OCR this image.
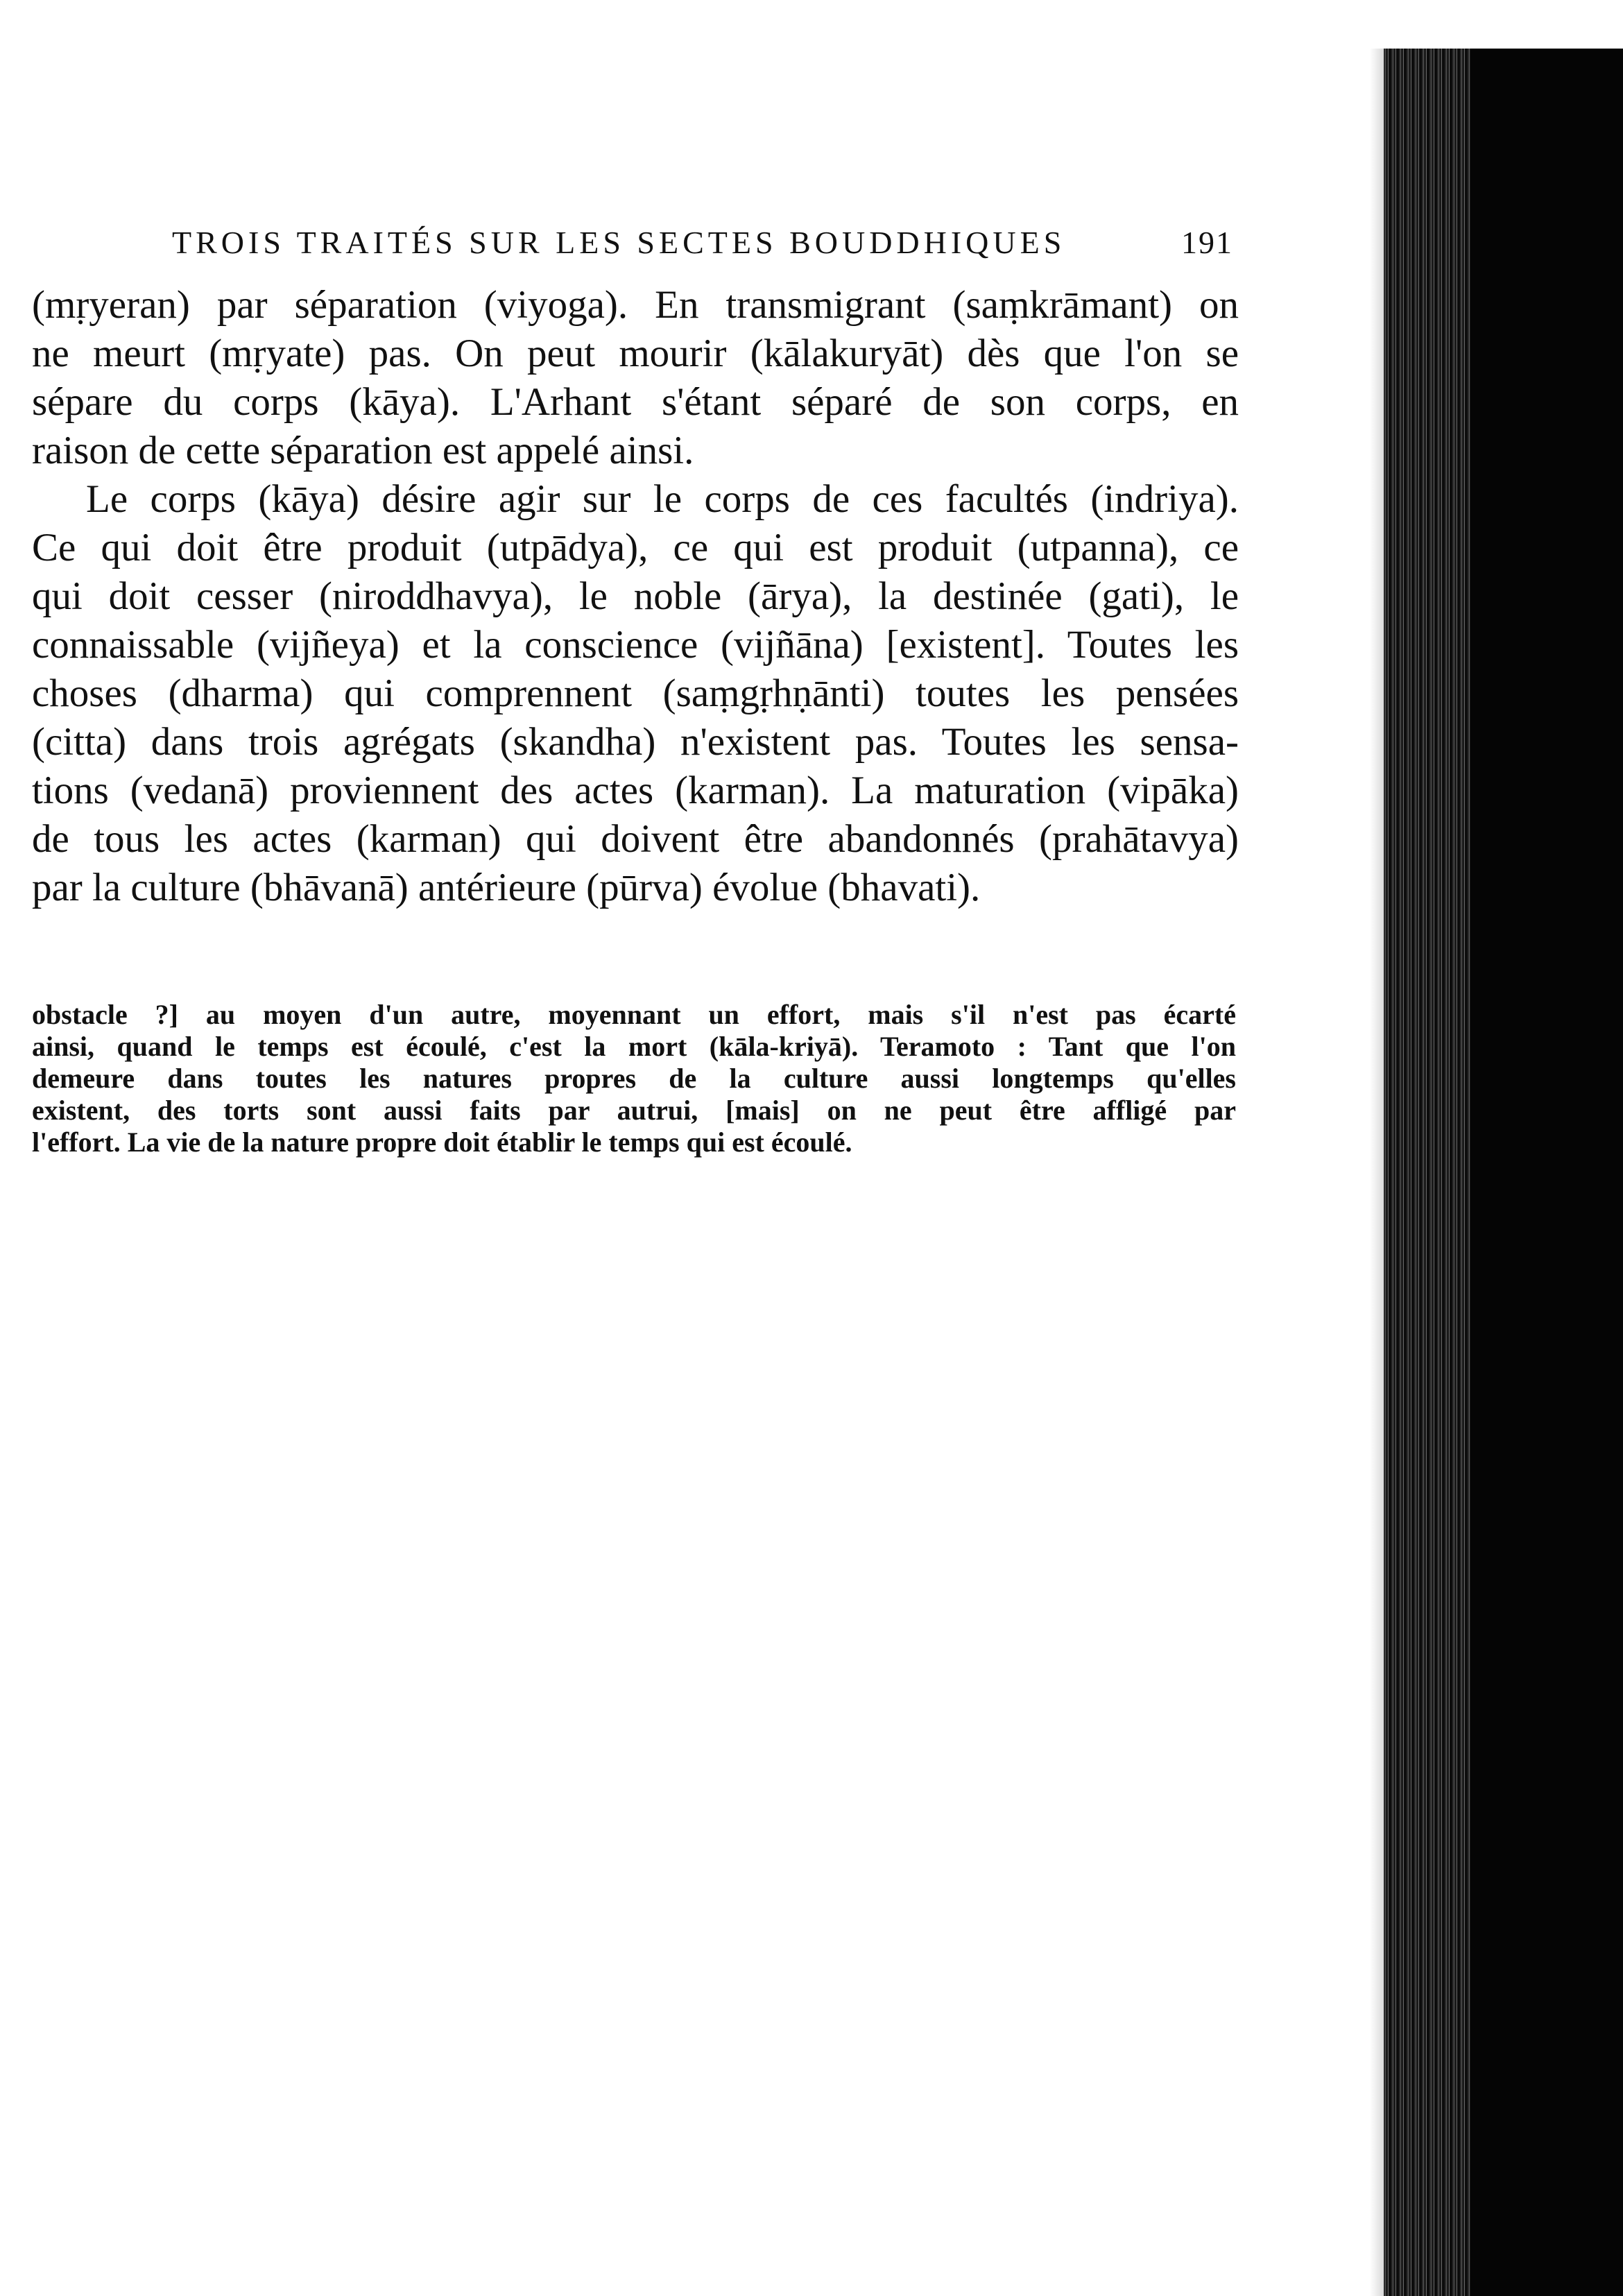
TROIS TRAITÉS SUR LES SECTES BOUDDHIQUES	191
(mṛyeran) par séparation (viyoga). En transmigrant (saṃkrāmant) on
ne meurt (mṛyate) pas. On peut mourir (kālakuryāt) dès que l'on se
sépare du corps (kāya). L'Arhant s'étant séparé de son corps, en
raison de cette séparation est appelé ainsi.
Le corps (kāya) désire agir sur le corps de ces facultés (indriya).
Ce qui doit être produit (utpādya), ce qui est produit (utpanna), ce
qui doit cesser (niroddhavya), le noble (ārya), la destinée (gati), le
connaissable (vijñeya) et la conscience (vijñāna) [existent]. Toutes les
choses (dharma) qui comprennent (saṃgṛhṇānti) toutes les pensées
(citta) dans trois agrégats (skandha) n'existent pas. Toutes les sensa-
tions (vedanā) proviennent des actes (karman). La maturation (vipāka)
de tous les actes (karman) qui doivent être abandonnés (prahātavya)
par la culture (bhāvanā) antérieure (pūrva) évolue (bhavati).
obstacle ?] au moyen d'un autre, moyennant un effort, mais s'il n'est pas écarté
ainsi, quand le temps est écoulé, c'est la mort (kāla-kriyā). Teramoto : Tant que l'on
demeure dans toutes les natures propres de la culture aussi longtemps qu'elles
existent, des torts sont aussi faits par autrui, [mais] on ne peut être affligé par
l'effort. La vie de la nature propre doit établir le temps qui est écoulé.
